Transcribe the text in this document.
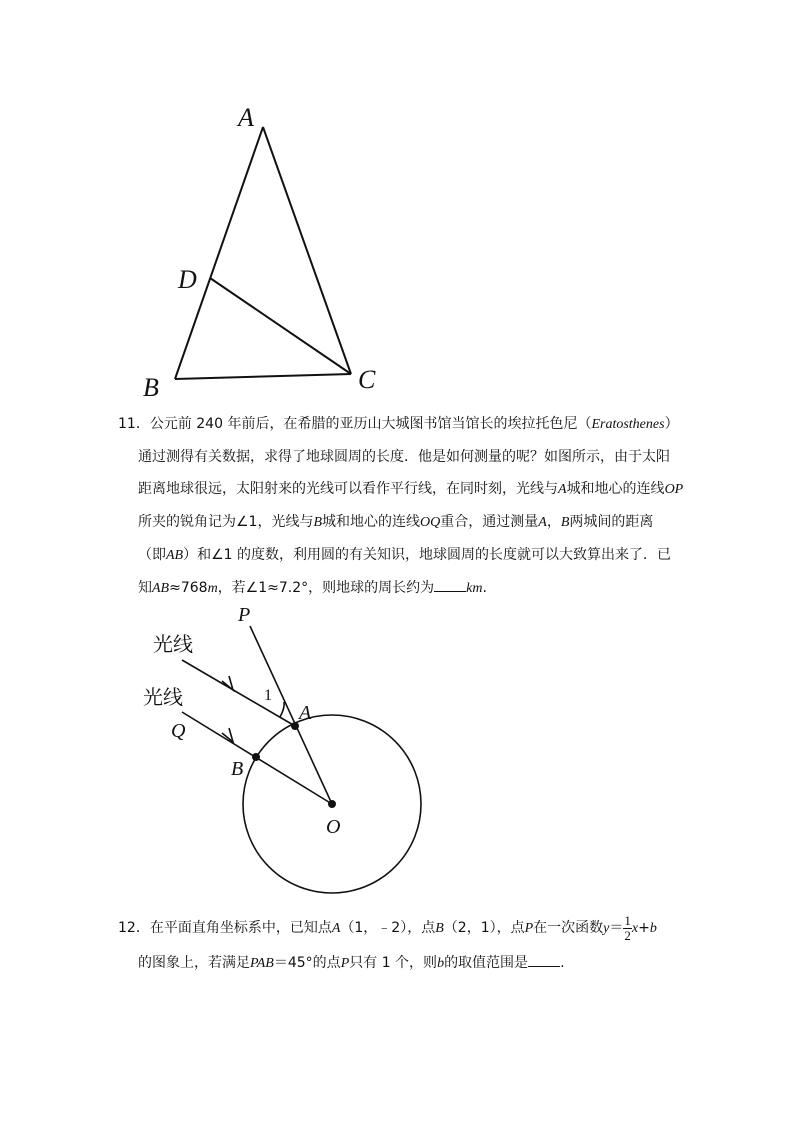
A
D
B	C
P
Q
A
B
O
1
光线
光线

11．公元前 240 年前后，在希腊的亚历山大城图书馆当馆长的埃拉托色尼（Eratosthenes）

通过测得有关数据，求得了地球圆周的长度．他是如何测量的呢？如图所示，由于太阳

距离地球很远，太阳射来的光线可以看作平行线，在同时刻，光线与A城和地心的连线OP

所夹的锐角记为∠1，光线与B城和地心的连线OQ重合，通过测量A，B两城间的距离

（即AB）和∠1 的度数，利用圆的有关知识，地球圆周的长度就可以大致算出来了．已

知AB≈768m，若∠1≈7.2°，则地球的周长约为 km.

12．在平面直角坐标系中，已知点A（1，﹣2），点B（2，1），点P在一次函数$y= \frac{1}{2} x+b$

的图象上，若满足PAB＝45°的点P只有 1 个，则b的取值范围是 .
